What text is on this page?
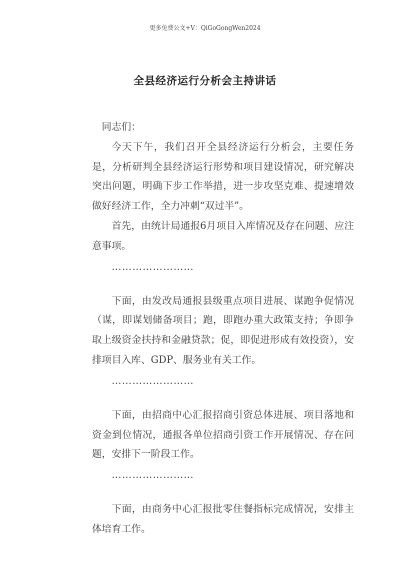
更多免费公文+V：QiGoGongWen2024
全县经济运行分析会主持讲话

同志们：

今天下午，我们召开全县经济运行分析会，主要任务是，分析研判全县经济运行形势和项目建设情况，研究解决突出问题，明确下步工作举措，进一步攻坚克难、提速增效做好经济工作，全力冲刺“双过半”。

首先，由统计局通报6月项目入库情况及存在问题、应注意事项。

……………………

下面，由发改局通报县级重点项目进展、谋跑争促情况（谋，即谋划储备项目；跑，即跑办重大政策支持；争即争取上级资金扶持和金融贷款；促，即促进形成有效投资），安排项目入库、GDP、服务业有关工作。

……………………

下面，由招商中心汇报招商引资总体进展、项目落地和资金到位情况，通报各单位招商引资工作开展情况、存在问题，安排下一阶段工作。

……………………

下面，由商务中心汇报批零住餐指标完成情况，安排主体培育工作。
